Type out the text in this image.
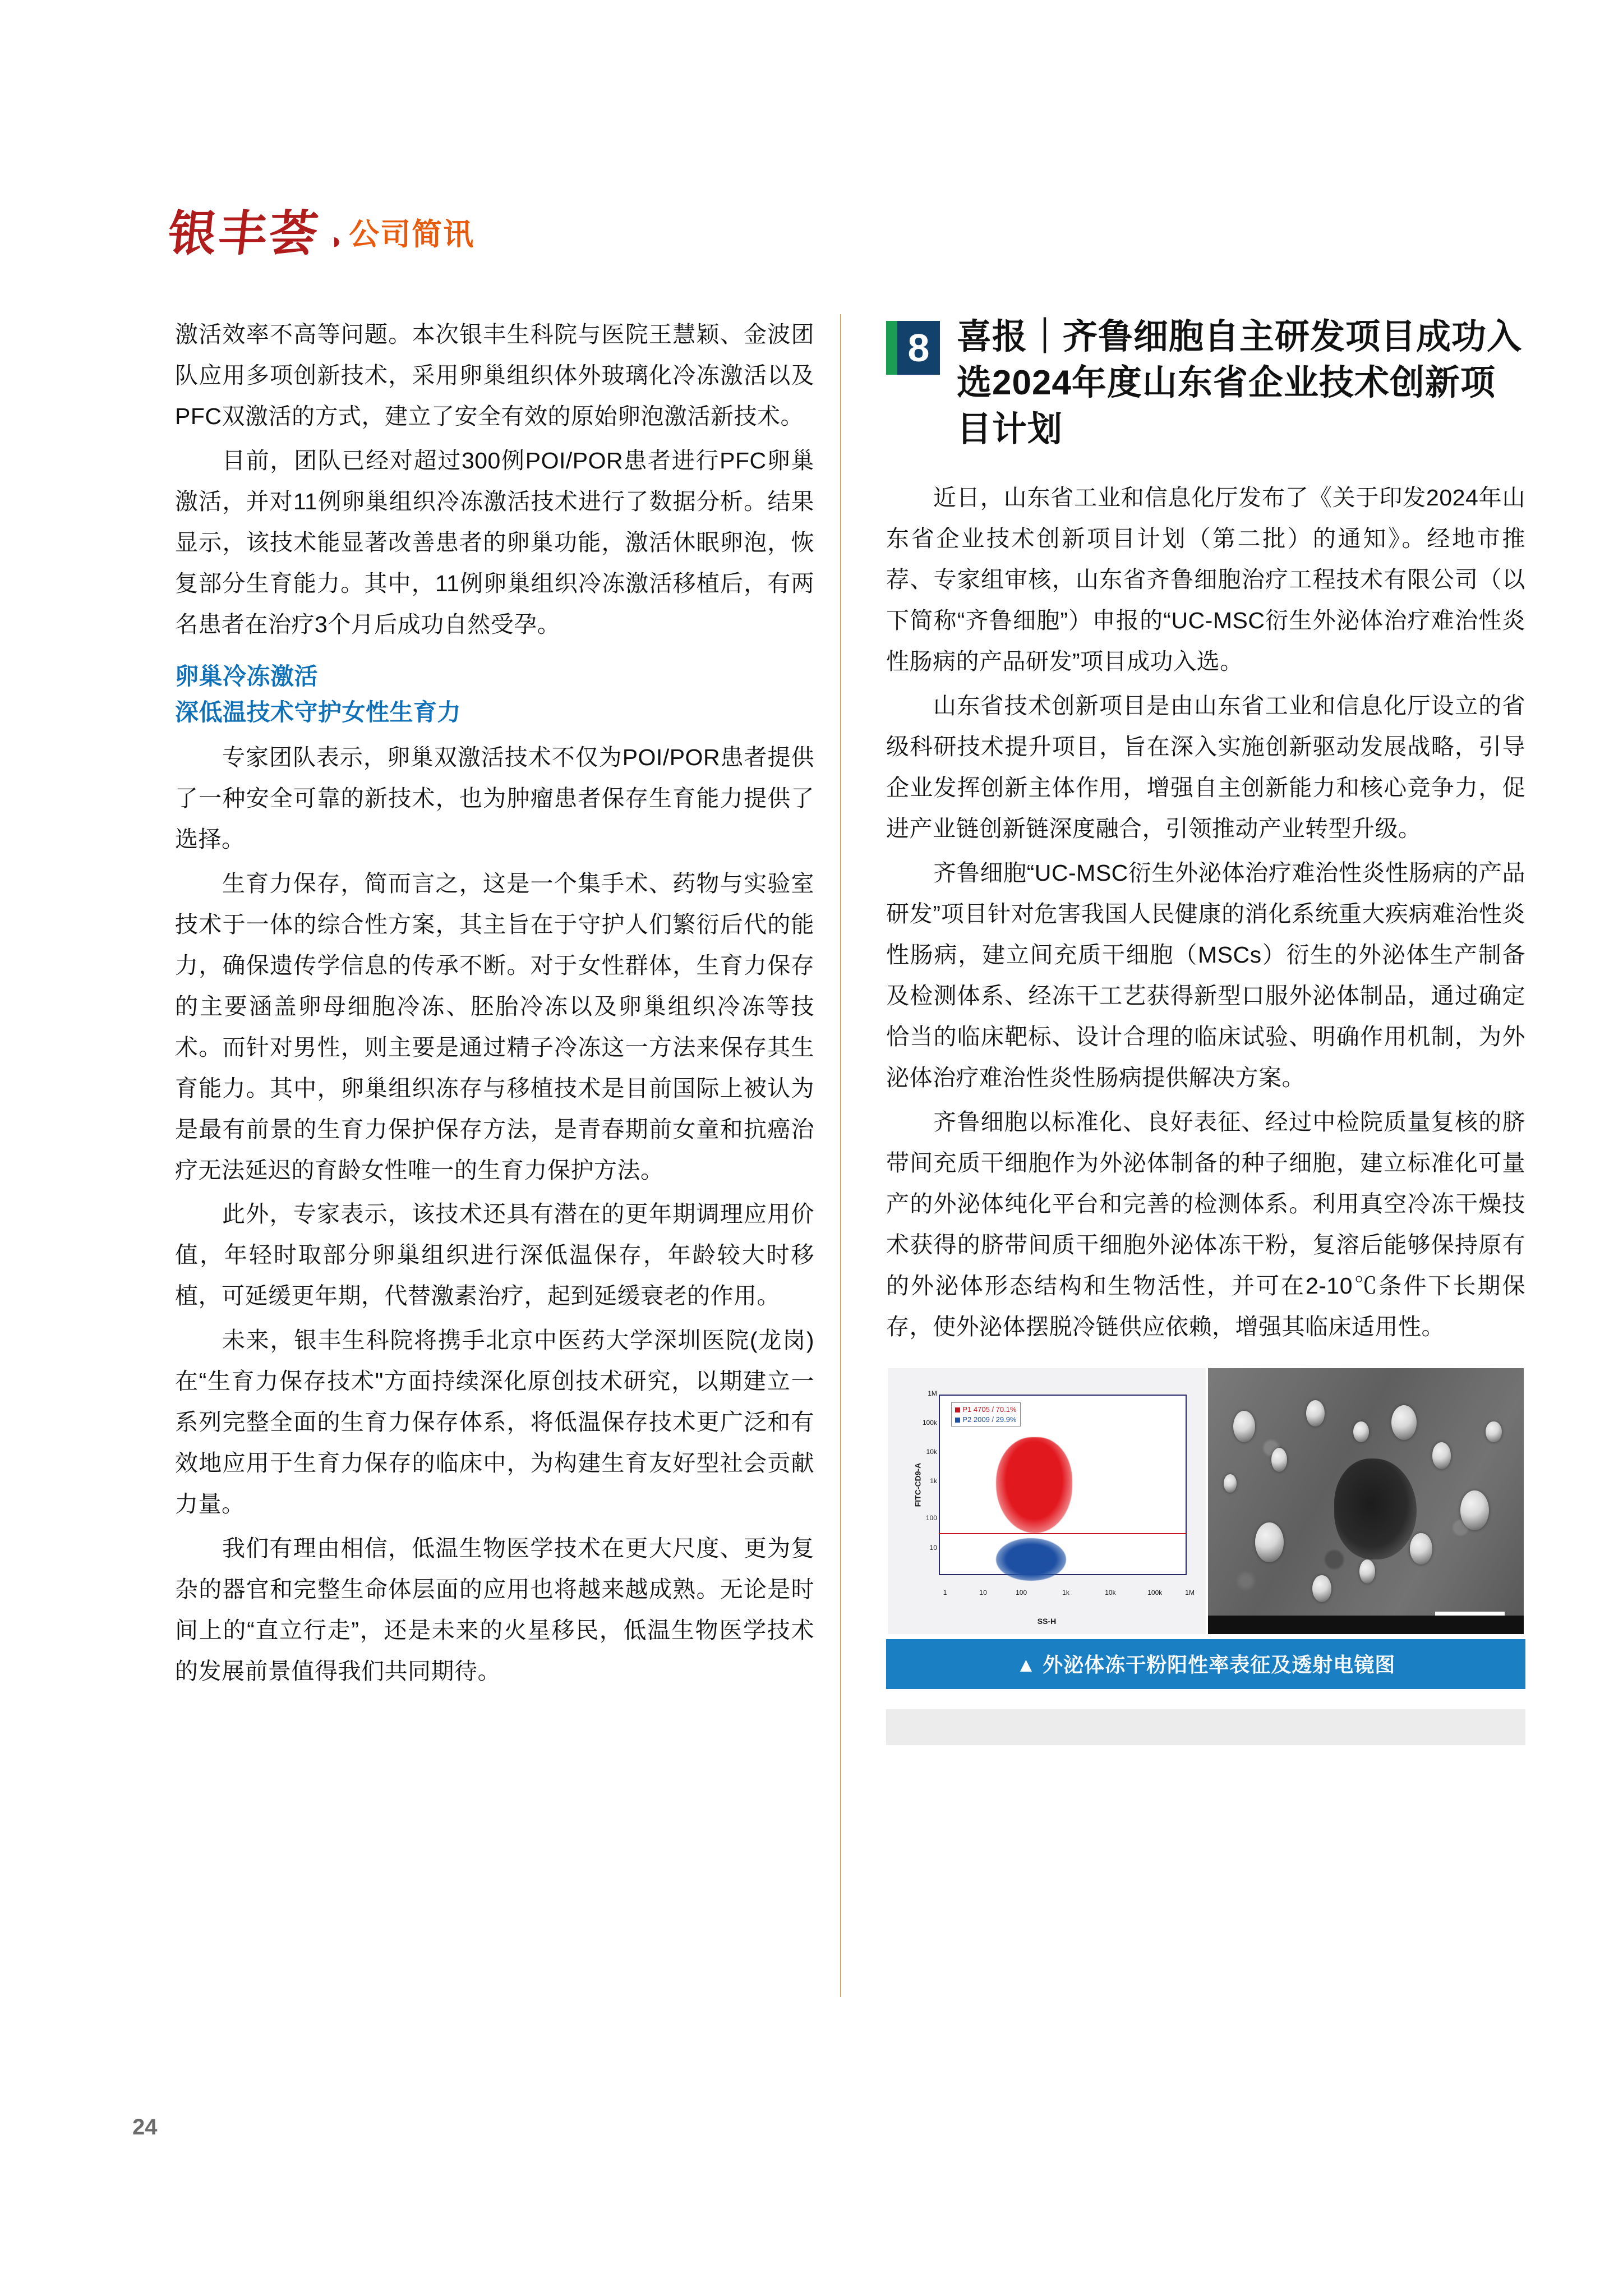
银丰荟 ◑ 公司简讯

激活效率不高等问题。本次银丰生科院与医院王慧颖、金波团队应用多项创新技术，采用卵巢组织体外玻璃化冷冻激活以及PFC双激活的方式，建立了安全有效的原始卵泡激活新技术。

目前，团队已经对超过300例POI/POR患者进行PFC卵巢激活，并对11例卵巢组织冷冻激活技术进行了数据分析。结果显示，该技术能显著改善患者的卵巢功能，激活休眠卵泡，恢复部分生育能力。其中，11例卵巢组织冷冻激活移植后，有两名患者在治疗3个月后成功自然受孕。

卵巢冷冻激活
深低温技术守护女性生育力

专家团队表示，卵巢双激活技术不仅为POI/POR患者提供了一种安全可靠的新技术，也为肿瘤患者保存生育能力提供了选择。

生育力保存，简而言之，这是一个集手术、药物与实验室技术于一体的综合性方案，其主旨在于守护人们繁衍后代的能力，确保遗传学信息的传承不断。对于女性群体，生育力保存的主要涵盖卵母细胞冷冻、胚胎冷冻以及卵巢组织冷冻等技术。而针对男性，则主要是通过精子冷冻这一方法来保存其生育能力。其中，卵巢组织冻存与移植技术是目前国际上被认为是最有前景的生育力保护保存方法，是青春期前女童和抗癌治疗无法延迟的育龄女性唯一的生育力保护方法。

此外，专家表示，该技术还具有潜在的更年期调理应用价值，年轻时取部分卵巢组织进行深低温保存，年龄较大时移植，可延缓更年期，代替激素治疗，起到延缓衰老的作用。

未来，银丰生科院将携手北京中医药大学深圳医院(龙岗)在“生育力保存技术"方面持续深化原创技术研究，以期建立一系列完整全面的生育力保存体系，将低温保存技术更广泛和有效地应用于生育力保存的临床中，为构建生育友好型社会贡献力量。

我们有理由相信，低温生物医学技术在更大尺度、更为复杂的器官和完整生命体层面的应用也将越来越成熟。无论是时间上的“直立行走”，还是未来的火星移民，低温生物医学技术的发展前景值得我们共同期待。

8 喜报｜齐鲁细胞自主研发项目成功入选2024年度山东省企业技术创新项目计划

近日，山东省工业和信息化厅发布了《关于印发2024年山东省企业技术创新项目计划（第二批）的通知》。经地市推荐、专家组审核，山东省齐鲁细胞治疗工程技术有限公司（以下简称“齐鲁细胞”）申报的“UC-MSC衍生外泌体治疗难治性炎性肠病的产品研发”项目成功入选。

山东省技术创新项目是由山东省工业和信息化厅设立的省级科研技术提升项目，旨在深入实施创新驱动发展战略，引导企业发挥创新主体作用，增强自主创新能力和核心竞争力，促进产业链创新链深度融合，引领推动产业转型升级。

齐鲁细胞“UC-MSC衍生外泌体治疗难治性炎性肠病的产品研发”项目针对危害我国人民健康的消化系统重大疾病难治性炎性肠病，建立间充质干细胞（MSCs）衍生的外泌体生产制备及检测体系、经冻干工艺获得新型口服外泌体制品，通过确定恰当的临床靶标、设计合理的临床试验、明确作用机制，为外泌体治疗难治性炎性肠病提供解决方案。

齐鲁细胞以标准化、良好表征、经过中检院质量复核的脐带间充质干细胞作为外泌体制备的种子细胞，建立标准化可量产的外泌体纯化平台和完善的检测体系。利用真空冷冻干燥技术获得的脐带间质干细胞外泌体冻干粉，复溶后能够保持原有的外泌体形态结构和生物活性，并可在2-10℃条件下长期保存，使外泌体摆脱冷链供应依赖，增强其临床适用性。

P1 4705 / 70.1%
P2 2009 / 29.9%
FITC-CD9-A
SS-H
1M
100k
10k
1k
100
10
1	10	100	1k	10k	100k	1M
▲ 外泌体冻干粉阳性率表征及透射电镜图
24
